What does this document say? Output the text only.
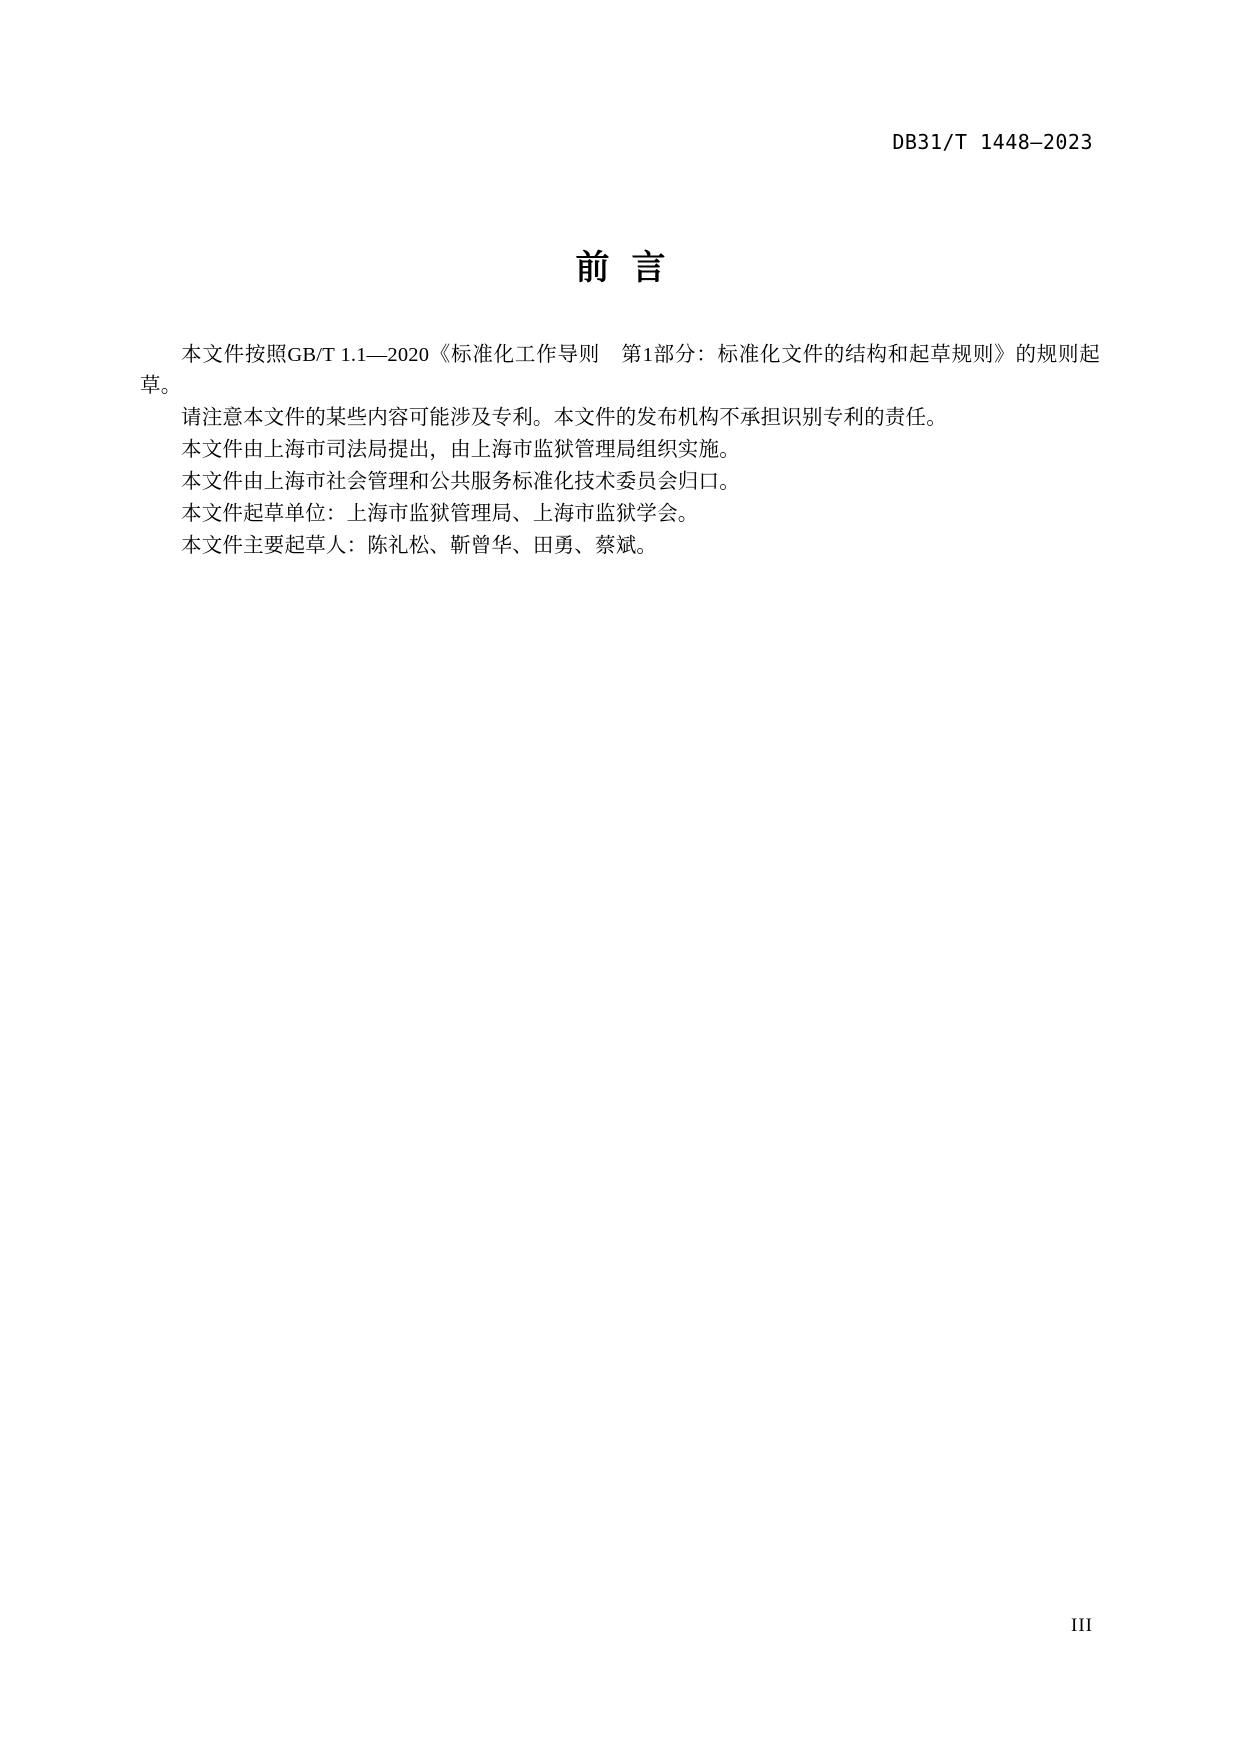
DB31/T 1448—2023
前言

本文件按照GB/T 1.1—2020《标准化工作导则　第1部分：标准化文件的结构和起草规则》的规则起草。

请注意本文件的某些内容可能涉及专利。本文件的发布机构不承担识别专利的责任。

本文件由上海市司法局提出，由上海市监狱管理局组织实施。

本文件由上海市社会管理和公共服务标准化技术委员会归口。

本文件起草单位：上海市监狱管理局、上海市监狱学会。

本文件主要起草人：陈礼松、靳曾华、田勇、蔡斌。

III
